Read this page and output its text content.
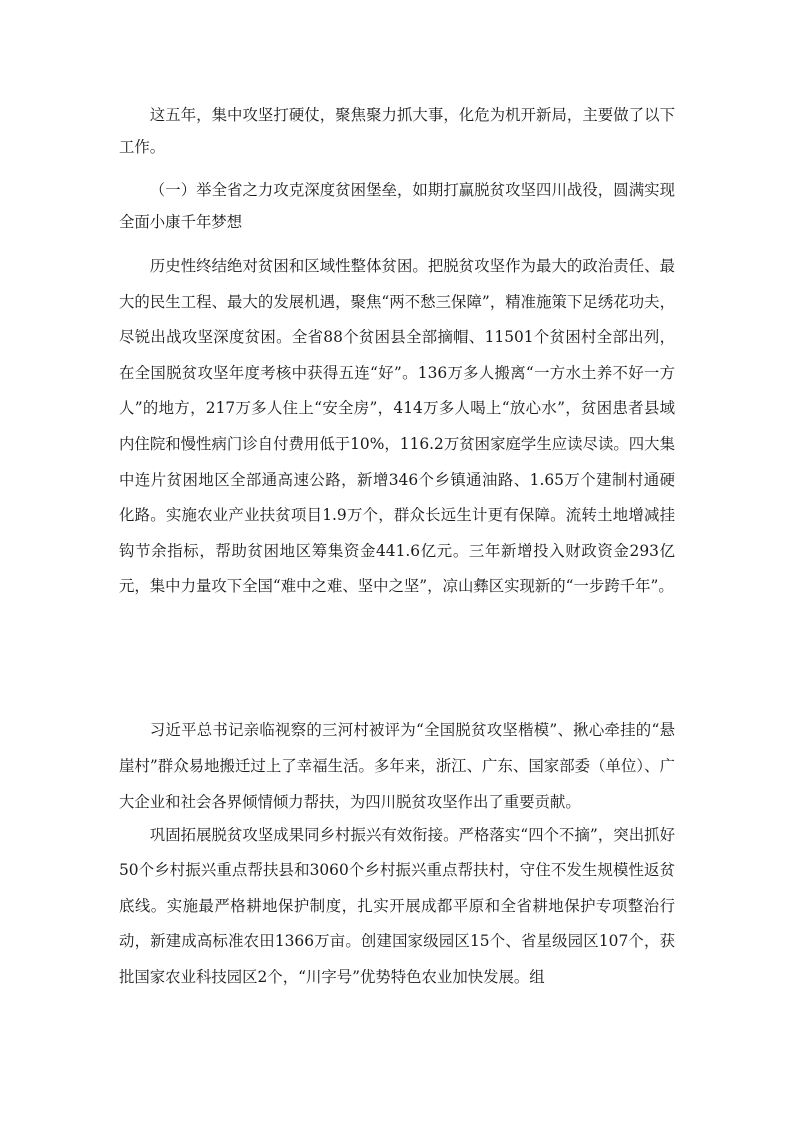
这五年，集中攻坚打硬仗，聚焦聚力抓大事，化危为机开新局，主要做了以下工作。

（一）举全省之力攻克深度贫困堡垒，如期打赢脱贫攻坚四川战役，圆满实现全面小康千年梦想

历史性终结绝对贫困和区域性整体贫困。把脱贫攻坚作为最大的政治责任、最大的民生工程、最大的发展机遇，聚焦“两不愁三保障”，精准施策下足绣花功夫，尽锐出战攻坚深度贫困。全省88个贫困县全部摘帽、11501个贫困村全部出列，在全国脱贫攻坚年度考核中获得五连“好”。136万多人搬离“一方水土养不好一方人”的地方，217万多人住上“安全房”，414万多人喝上“放心水”，贫困患者县域内住院和慢性病门诊自付费用低于10%，116.2万贫困家庭学生应读尽读。四大集中连片贫困地区全部通高速公路，新增346个乡镇通油路、1.65万个建制村通硬化路。实施农业产业扶贫项目1.9万个，群众长远生计更有保障。流转土地增减挂钩节余指标，帮助贫困地区筹集资金441.6亿元。三年新增投入财政资金293亿元，集中力量攻下全国“难中之难、坚中之坚”，凉山彝区实现新的“一步跨千年”。

习近平总书记亲临视察的三河村被评为“全国脱贫攻坚楷模”、揪心牵挂的“悬崖村”群众易地搬迁过上了幸福生活。多年来，浙江、广东、国家部委（单位）、广大企业和社会各界倾情倾力帮扶，为四川脱贫攻坚作出了重要贡献。

巩固拓展脱贫攻坚成果同乡村振兴有效衔接。严格落实“四个不摘”，突出抓好50个乡村振兴重点帮扶县和3060个乡村振兴重点帮扶村，守住不发生规模性返贫底线。实施最严格耕地保护制度，扎实开展成都平原和全省耕地保护专项整治行动，新建成高标准农田1366万亩。创建国家级园区15个、省星级园区107个，获批国家农业科技园区2个，“川字号”优势特色农业加快发展。组
